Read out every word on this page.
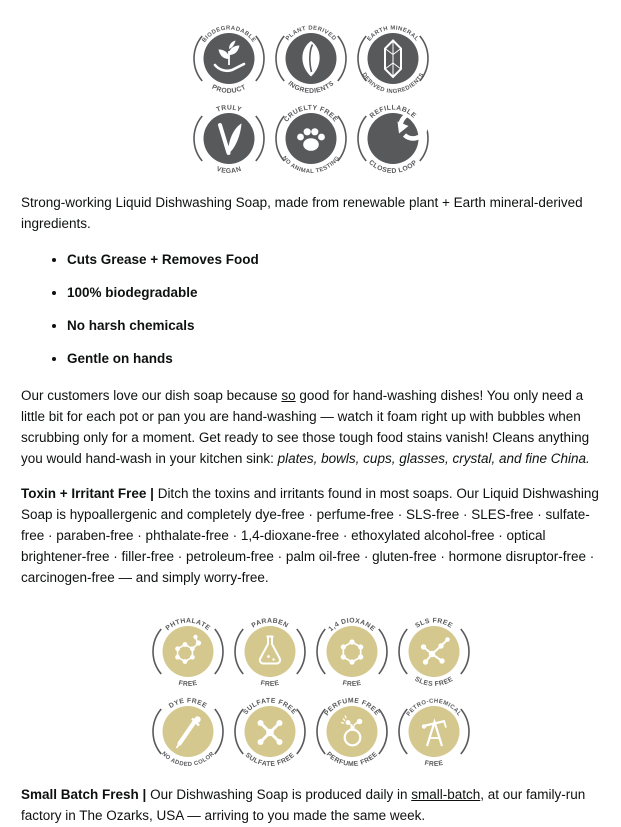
BIODEGRADABLE
PRODUCT
PLANT DERIVED
INGREDIENTS
EARTH MINERAL
DERIVED INGREDIENTS
TRULY
VEGAN
CRUELTY FREE
NO ANIMAL TESTING
REFILLABLE
CLOSED LOOP

Strong-working Liquid Dishwashing Soap, made from renewable plant + Earth mineral-derived ingredients.

• Cuts Grease + Removes Food
• 100% biodegradable
• No harsh chemicals
• Gentle on hands

Our customers love our dish soap because so good for hand-washing dishes! You only need a little bit for each pot or pan you are hand-washing — watch it foam right up with bubbles when scrubbing only for a moment. Get ready to see those tough food stains vanish! Cleans anything you would hand-wash in your kitchen sink: plates, bowls, cups, glasses, crystal, and fine China.

Toxin + Irritant Free | Ditch the toxins and irritants found in most soaps. Our Liquid Dishwashing Soap is hypoallergenic and completely dye-free · perfume-free · SLS-free · SLES-free · sulfate-free · paraben-free · phthalate-free · 1,4-dioxane-free · ethoxylated alcohol-free · optical brightener-free · filler-free · petroleum-free · palm oil-free · gluten-free · hormone disruptor-free · carcinogen-free — and simply worry-free.

PHTHALATE
FREE
PARABEN
FREE
1,4 DIOXANE
FREE
SLS FREE
SLES FREE
DYE FREE
NO ADDED COLOR
SULFATE FREE
SULFATE FREE
PERFUME FREE
PERFUME FREE
PETRO-CHEMICAL
FREE

Small Batch Fresh | Our Dishwashing Soap is produced daily in small-batch, at our family-run factory in The Ozarks, USA — arriving to you made the same week.
